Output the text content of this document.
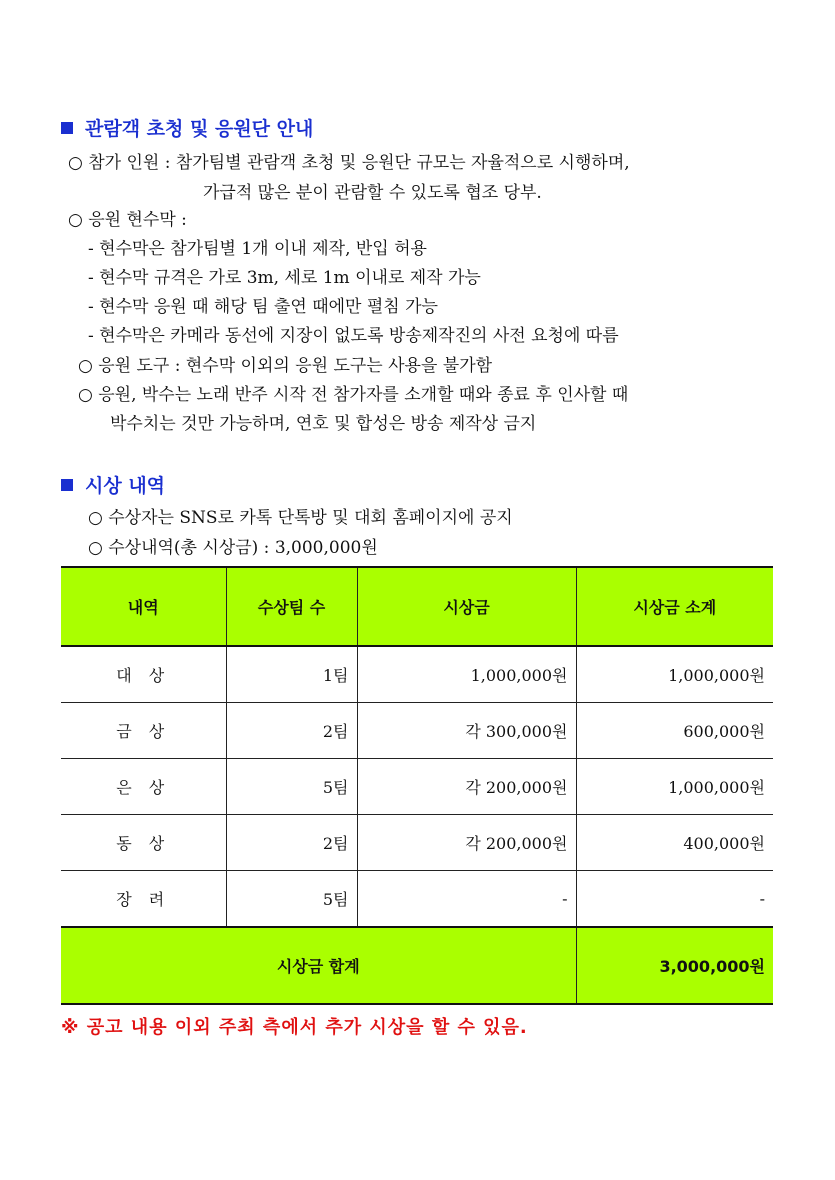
관람객 초청 및 응원단 안내
○ 참가 인원 : 참가팀별 관람객 초청 및 응원단 규모는 자율적으로 시행하며,
가급적 많은 분이 관람할 수 있도록 협조 당부.
○ 응원 현수막 :
- 현수막은 참가팀별 1개 이내 제작, 반입 허용
- 현수막 규격은 가로 3m, 세로 1m 이내로 제작 가능
- 현수막 응원 때 해당 팀 출연 때에만 펼침 가능
- 현수막은 카메라 동선에 지장이 없도록 방송제작진의 사전 요청에 따름
○ 응원 도구 : 현수막 이외의 응원 도구는 사용을 불가함
○ 응원, 박수는 노래 반주 시작 전 참가자를 소개할 때와 종료 후 인사할 때
박수치는 것만 가능하며, 연호 및 합성은 방송 제작상 금지
시상 내역
○ 수상자는 SNS로 카톡 단톡방 및 대회 홈페이지에 공지
○ 수상내역(총 시상금) : 3,000,000원
내역	수상팀 수	시상금	시상금 소계
대 상	1팀	1,000,000원	1,000,000원
금 상	2팀	각 300,000원	600,000원
은 상	5팀	각 200,000원	1,000,000원
동 상	2팀	각 200,000원	400,000원
장 려	5팀	-	-
시상금 합계			3,000,000원
※ 공고 내용 이외 주최 측에서 추가 시상을 할 수 있음.
